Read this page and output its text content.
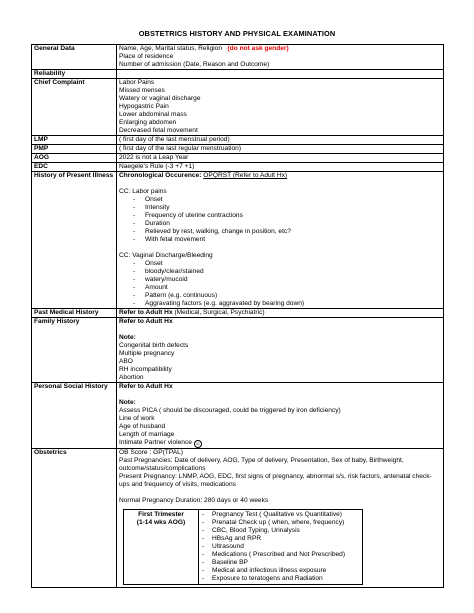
OBSTETRICS HISTORY AND PHYSICAL EXAMINATION
General Data	Name, Age, Marital status, Religion (do not ask gender)
Place of residence
Number of admission (Date, Reason and Outcome)

Reliability	
Chief Complaint	Labor Pains
Missed menses
Watery or vaginal discharge
Hypogastric Pain
Lower abdominal mass
Enlarging abdomen
Decreased fetal movement

LMP	( first day of the last menstrual period)
PMP	( first day of the last regular menstruation)
AOG	2022 is not a Leap Year
EDC	Naegele's Rule (-3 +7 +1)
History of Present Illness	Chronological Occurence: OPQRST (Refer to Adult Hx)
CC: Labor pains
- Onset
- Intensity
- Frequency of uterine contractions
- Duration
- Relieved by rest, walking, change in position, etc?
- With fetal movement
CC: Vaginal Discharge/Bleeding
- Onset
- bloody/clear/stained
- watery/mucoid
- Amount
- Pattern (e.g. continuous)
- Aggravating factors (e.g. aggravated by bearing down)

Past Medical History	Refer to Adult Hx (Medical, Surgical, Psychiatric)
Family History	Refer to Adult Hx
Note:
Congenital birth defects
Multiple pregnancy
ABO
RH incompatibility
Abortion

Personal Social History	Refer to Adult Hx
Note:
Assess PICA ( should be discouraged, could be triggered by iron deficiency)
Line of work
Age of husband
Length of marriage
Intimate Partner violence ☺

Obstetrics	OB Score : GP(TPAL)
Past Pregnancies: Date of delivery, AOG, Type of delivery, Presentation, Sex of baby, Birthweight, outcome/status/complications
Present Pregnancy: LNMP, AOG, EDC, first signs of pregnancy, abnormal s/s, risk factors, antenatal check-ups and frequency of visits, medications
Normal Pregnancy Duration: 280 days or 40 weeks
First Trimester
(1-14 wks AOG)

- Pregnancy Test ( Qualitative vs Quantitative)
- Prenatal Check up ( when, where, frequency)
- CBC, Blood Typing, Urinalysis
- HBsAg and RPR
- Ultrasound
- Medications ( Prescribed and Not Prescribed)
- Baseline BP
- Medical and infectious illness exposure
- Exposure to teratogens and Radiation
